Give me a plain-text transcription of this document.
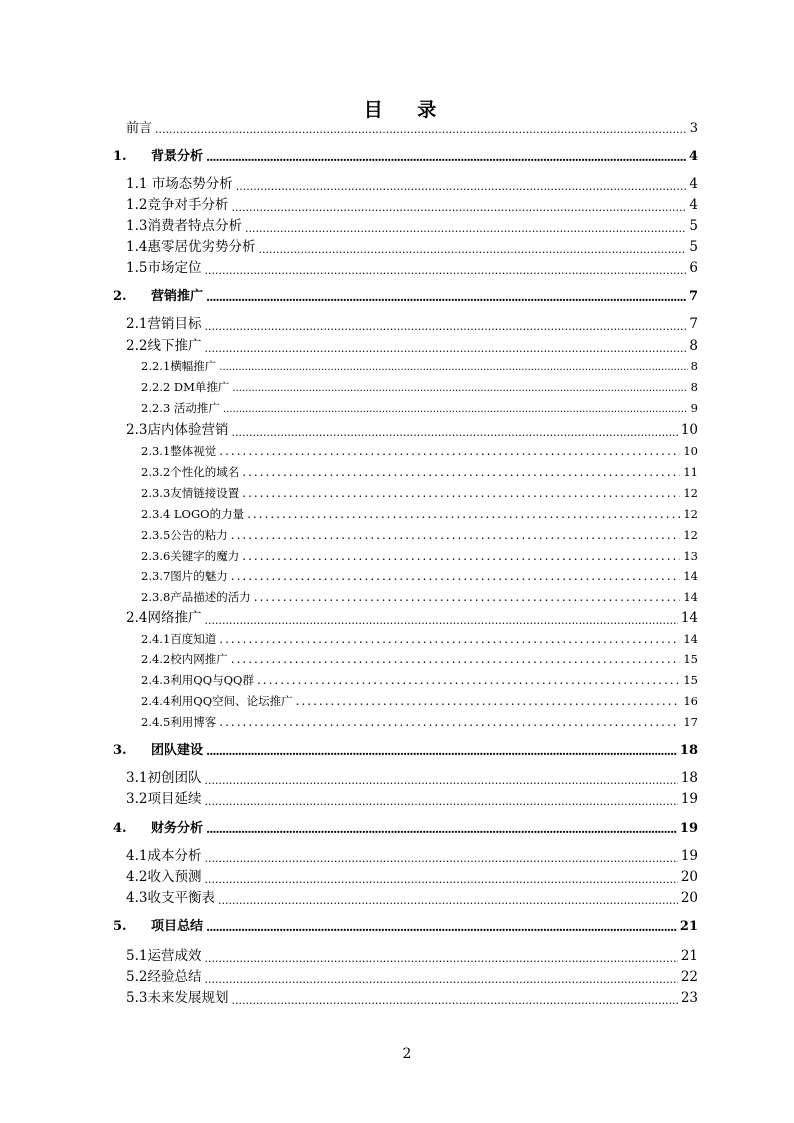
目 录
前言 .....	3
1. 背景分析 .....	4
1.1 市场态势分析 .....	4
1.2竞争对手分析 .....	4
1.3消费者特点分析 .....	5
1.4惠零居优劣势分析 .....	5
1.5市场定位 .....	6
2. 营销推广 .....	7
2.1营销目标 .....	7
2.2线下推广 .....	8
2.2.1横幅推广 .....	8
2.2.2 DM单推广 .....	8
2.2.3 活动推广 .....	9
2.3店内体验营销 .....	10
2.3.1整体视觉 .....	10
2.3.2个性化的域名 .....	11
2.3.3友情链接设置 .....	12
2.3.4 LOGO的力量 .....	12
2.3.5公告的粘力 .....	12
2.3.6关键字的魔力 .....	13
2.3.7图片的魅力 .....	14
2.3.8产品描述的活力 .....	14
2.4网络推广 .....	14
2.4.1百度知道 .....	14
2.4.2校内网推广 .....	15
2.4.3利用QQ与QQ群 .....	15
2.4.4利用QQ空间、论坛推广 .....	16
2.4.5利用博客 .....	17
3. 团队建设 .....	18
3.1初创团队 .....	18
3.2项目延续 .....	19
4. 财务分析 .....	19
4.1成本分析 .....	19
4.2收入预测 .....	20
4.3收支平衡表 .....	20
5. 项目总结 .....	21
5.1运营成效 .....	21
5.2经验总结 .....	22
5.3未来发展规划 .....	23
2
